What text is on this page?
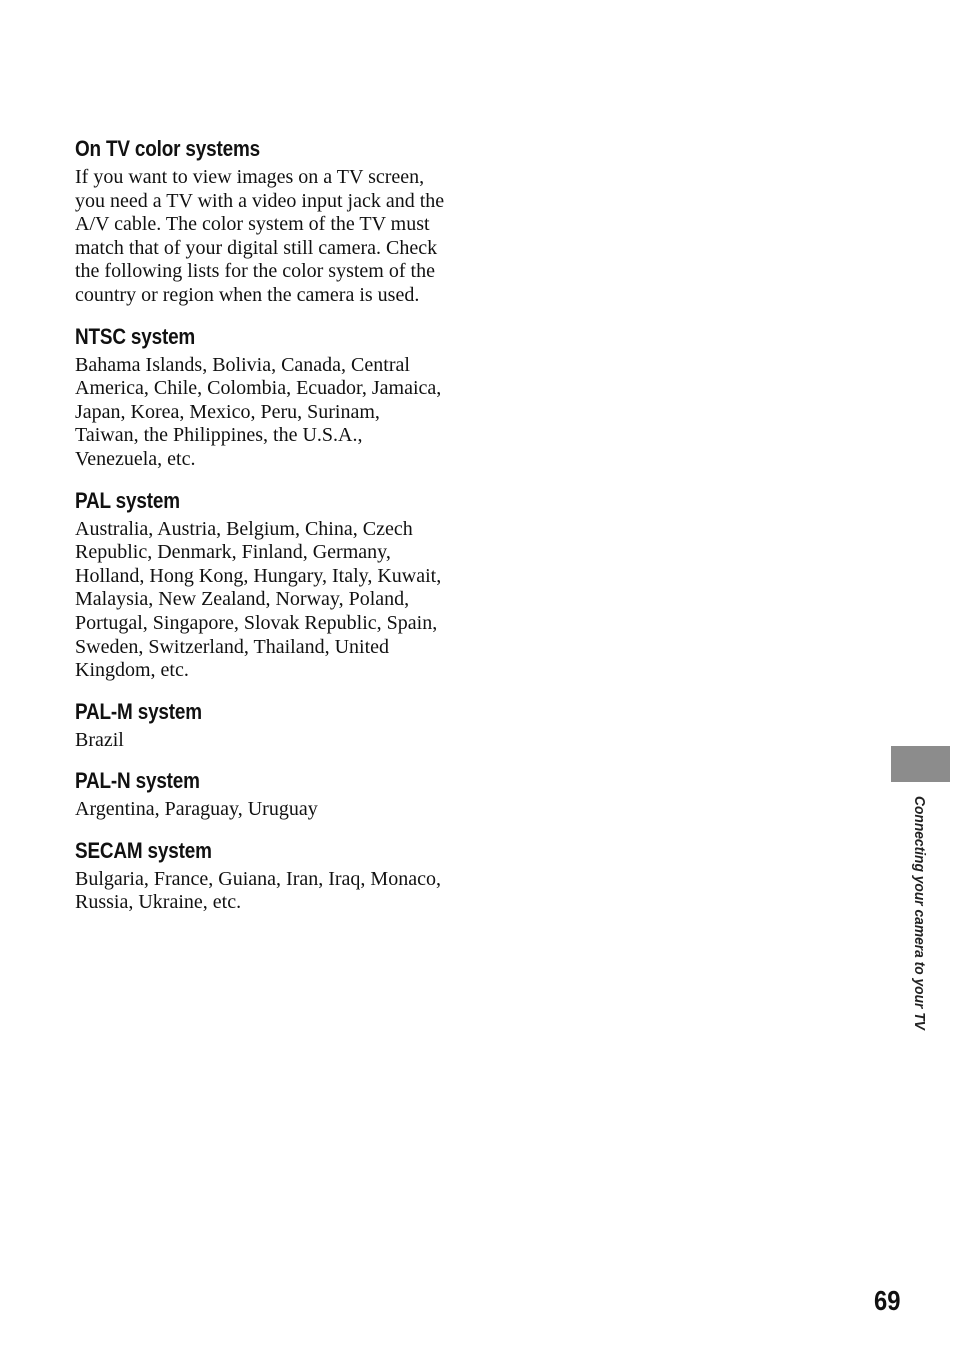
On TV color systems

If you want to view images on a TV screen, you need a TV with a video input jack and the A/V cable. The color system of the TV must match that of your digital still camera. Check the following lists for the color system of the country or region when the camera is used.

NTSC system

Bahama Islands, Bolivia, Canada, Central America, Chile, Colombia, Ecuador, Jamaica, Japan, Korea, Mexico, Peru, Surinam, Taiwan, the Philippines, the U.S.A., Venezuela, etc.

PAL system

Australia, Austria, Belgium, China, Czech Republic, Denmark, Finland, Germany, Holland, Hong Kong, Hungary, Italy, Kuwait, Malaysia, New Zealand, Norway, Poland, Portugal, Singapore, Slovak Republic, Spain, Sweden, Switzerland, Thailand, United Kingdom, etc.

PAL-M system

Brazil

PAL-N system

Argentina, Paraguay, Uruguay

SECAM system

Bulgaria, France, Guiana, Iran, Iraq, Monaco, Russia, Ukraine, etc.	Connecting your camera to your TV
69
